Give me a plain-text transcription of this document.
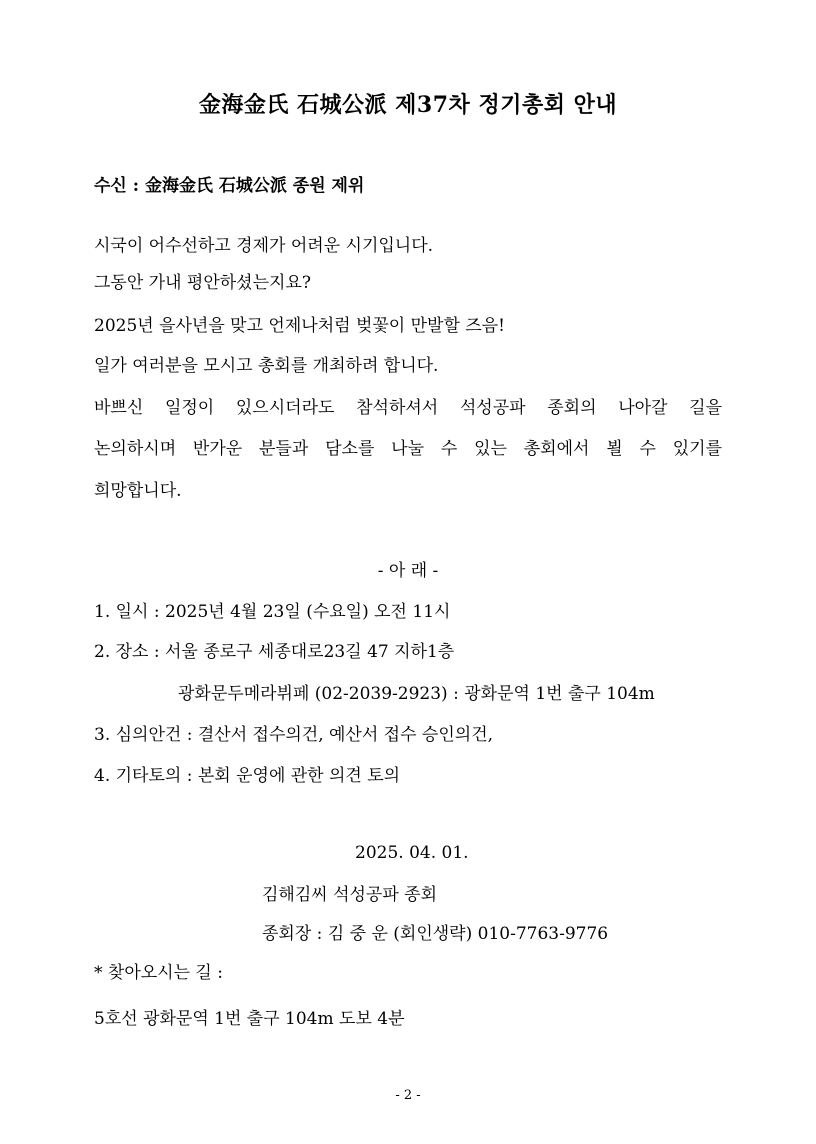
金海金氏 石城公派 제37차 정기총회 안내
수신 : 金海金氏 石城公派 종원 제위
시국이 어수선하고 경제가 어려운 시기입니다.
그동안 가내 평안하셨는지요?
2025년 을사년을 맞고 언제나처럼 벚꽃이 만발할 즈음!
일가 여러분을 모시고 총회를 개최하려 합니다.
바쁘신 일정이 있으시더라도 참석하셔서 석성공파 종회의 나아갈 길을
논의하시며 반가운 분들과 담소를 나눌 수 있는 총회에서 뵐 수 있기를
희망합니다.
- 아 래 -
1. 일시 : 2025년 4월 23일 (수요일) 오전 11시
2. 장소 : 서울 종로구 세종대로23길 47 지하1층
광화문두메라뷔페 (02-2039-2923) : 광화문역 1번 출구 104m
3. 심의안건 : 결산서 접수의건, 예산서 접수 승인의건,
4. 기타토의 : 본회 운영에 관한 의견 토의
2025. 04. 01.
김해김씨 석성공파 종회
종회장 : 김 중 운 (회인생략) 010-7763-9776
* 찾아오시는 길 :
5호선 광화문역 1번 출구 104m 도보 4분
- 2 -
